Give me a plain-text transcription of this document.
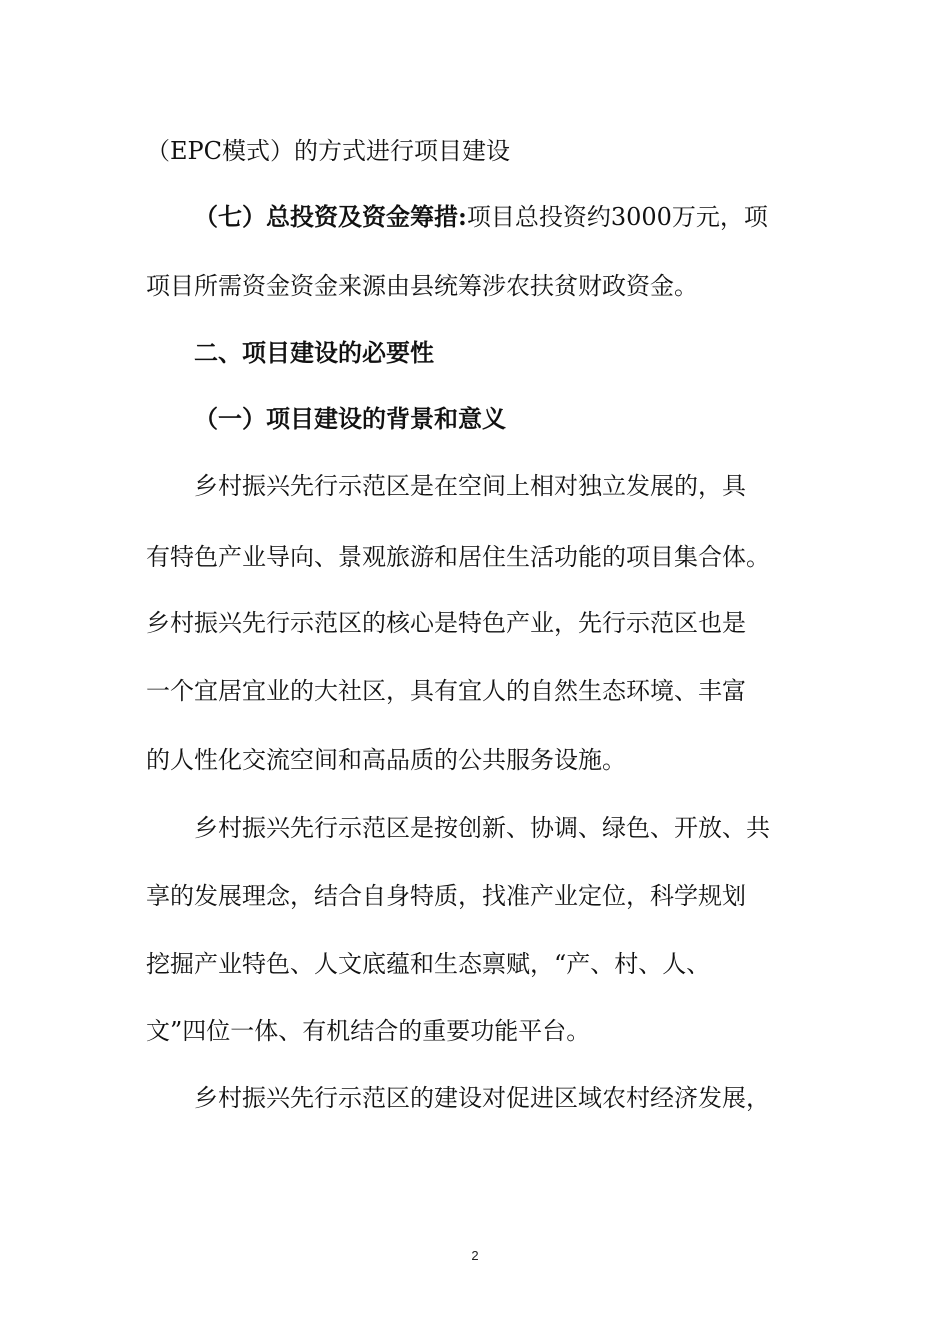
（EPC模式）的方式进行项目建设
（七）总投资及资金筹措:项目总投资约3000万元，项
项目所需资金资金来源由县统筹涉农扶贫财政资金。
二、项目建设的必要性
（一）项目建设的背景和意义
乡村振兴先行示范区是在空间上相对独立发展的，具
有特色产业导向、景观旅游和居住生活功能的项目集合体。
乡村振兴先行示范区的核心是特色产业，先行示范区也是
一个宜居宜业的大社区，具有宜人的自然生态环境、丰富
的人性化交流空间和高品质的公共服务设施。
乡村振兴先行示范区是按创新、协调、绿色、开放、共
享的发展理念，结合自身特质，找准产业定位，科学规划
挖掘产业特色、人文底蕴和生态禀赋，“产、村、人、
文”四位一体、有机结合的重要功能平台。
乡村振兴先行示范区的建设对促进区域农村经济发展，
2
